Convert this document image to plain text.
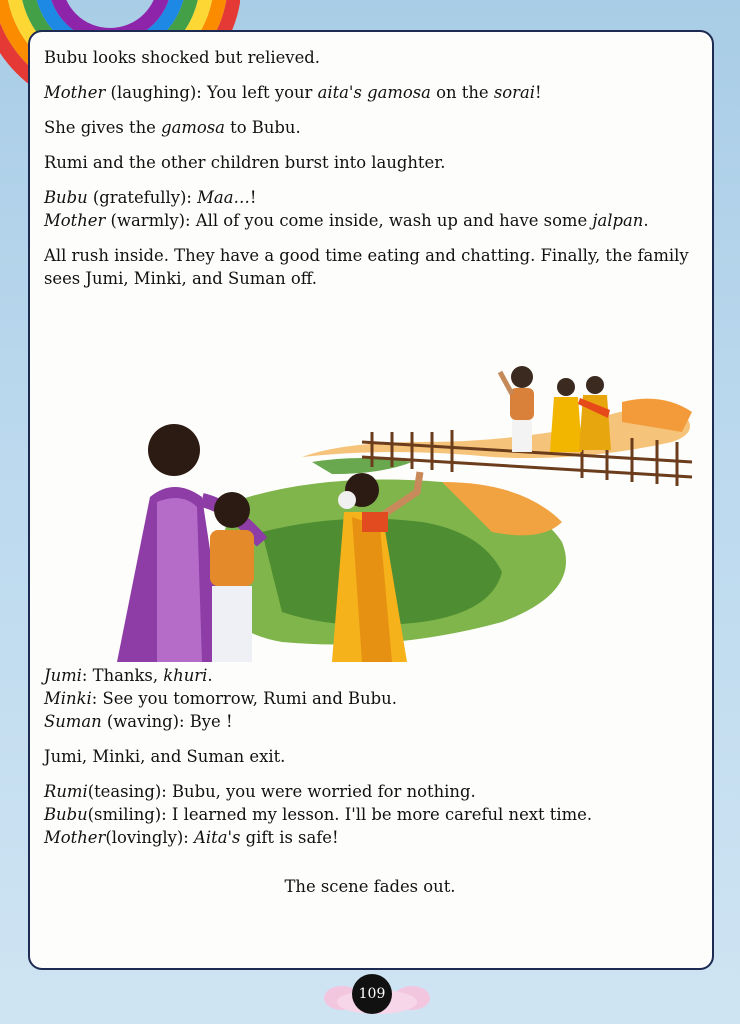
Bubu looks shocked but relieved.

Mother (laughing): You left your aita's gamosa on the sorai!

She gives the gamosa to Bubu.

Rumi and the other children burst into laughter.

Bubu (gratefully): Maa…!

Mother (warmly): All of you come inside, wash up and have some jalpan.

All rush inside. They have a good time eating and chatting. Finally, the family sees Jumi, Minki, and Suman off.

Jumi: Thanks, khuri.

Minki: See you tomorrow, Rumi and Bubu.

Suman (waving): Bye !

Jumi, Minki, and Suman exit.

Rumi(teasing): Bubu, you were worried for nothing.

Bubu(smiling): I learned my lesson. I'll be more careful next time.

Mother(lovingly): Aita's gift is safe!

The scene fades out.

109
